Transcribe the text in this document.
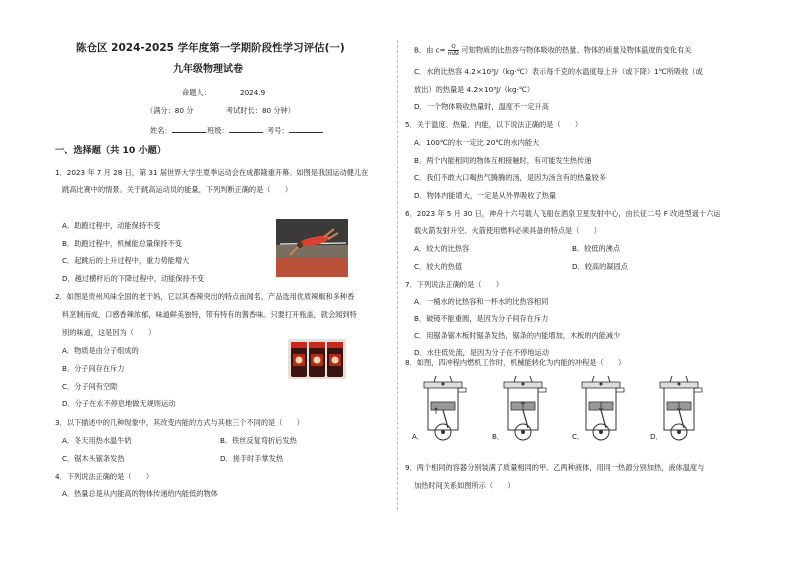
陈仓区 2024-2025 学年度第一学期阶段性学习评估(一)
九年级物理试卷
命题人：	2024.9
（满分：80 分	考试时长：80 分钟）
姓名：	班级：	考号：
一、选择题（共 10 小题）
1．2023 年 7 月 28 日，第 31 届世界大学生夏季运动会在成都隆重开幕。如图是我国运动健儿在
跳高比赛中的情景。关于跳高运动员的能量，下列判断正确的是（　　）
A．助跑过程中，动能保持不变
B．助跑过程中，机械能总量保持不变
C．起跳后的上升过程中，重力势能增大
D．越过横杆后的下降过程中，动能保持不变
2．如图是贵州风味全国的老干妈，它以其香辣突出的特点而闻名，产品选用优质辣椒和多种香
料烹制而成，口感香辣浓郁，味道鲜美独特，带有特有的酱香味。只要打开瓶盖，就会闻到特
别的味道，这是因为（　　）
A．物质是由分子组成的
B．分子间存在斥力
C．分子间有空隙
D．分子在永不停息地做无规则运动
3．以下描述中的几种现象中，其改变内能的方式与其他三个不同的是（　　）
A．冬天用热水温牛奶	B．铁丝反复弯折后发热
C．锯木头锯条发热	D．搓手时手掌发热
4．下列说法正确的是（　　）
A．热量总是从内能高的物体传递给内能低的物体
B．由 $c= \frac{Q}{\text{mΔt}}$ 可知物质的比热容与物体吸收的热量、物体的质量及物体温度的变化有关
C．水的比热容 4.2×10³J/（kg·℃）表示每千克的水温度每上升（或下降）1℃所吸收（或
放出）的热量是 4.2×10³J/（kg·℃）
D．一个物体吸收热量时，温度不一定升高
5．关于温度、热量、内能，以下说法正确的是（　　）
A．100℃的水一定比 20℃的水内能大
B．两个内能相同的物体互相接触时，有可能发生热传递
C．我们不敢大口喝热气腾腾的汤，是因为汤含有的热量较多
D．物体内能增大，一定是从外界吸收了热量
6．2023 年 5 月 30 日，神舟十六号载人飞船在酒泉卫星发射中心，由长征二号 F 改进型遥十六运
载火箭发射升空。火箭使用燃料必须具备的特点是（　　）
A．较大的比热容	B．较低的沸点
C．较大的热值	D．较高的凝固点
7．下列说法正确的是（　　）
A．一桶水的比热容和一杯水的比热容相同
B．破镜不能重圆，是因为分子间存在斥力
C．用锯条锯木板时锯条发热，锯条的内能增加，木板的内能减少
D．水往低处流，是因为分子在不停地运动
8．如图，四冲程内燃机工作时，机械能转化为内能的冲程是（　　）
A．	B．	C．	D．
9．两个相同的容器分别装满了质量相同的甲、乙两种液体，用同一热源分别加热，液体温度与
加热时间关系如图所示（　　）
